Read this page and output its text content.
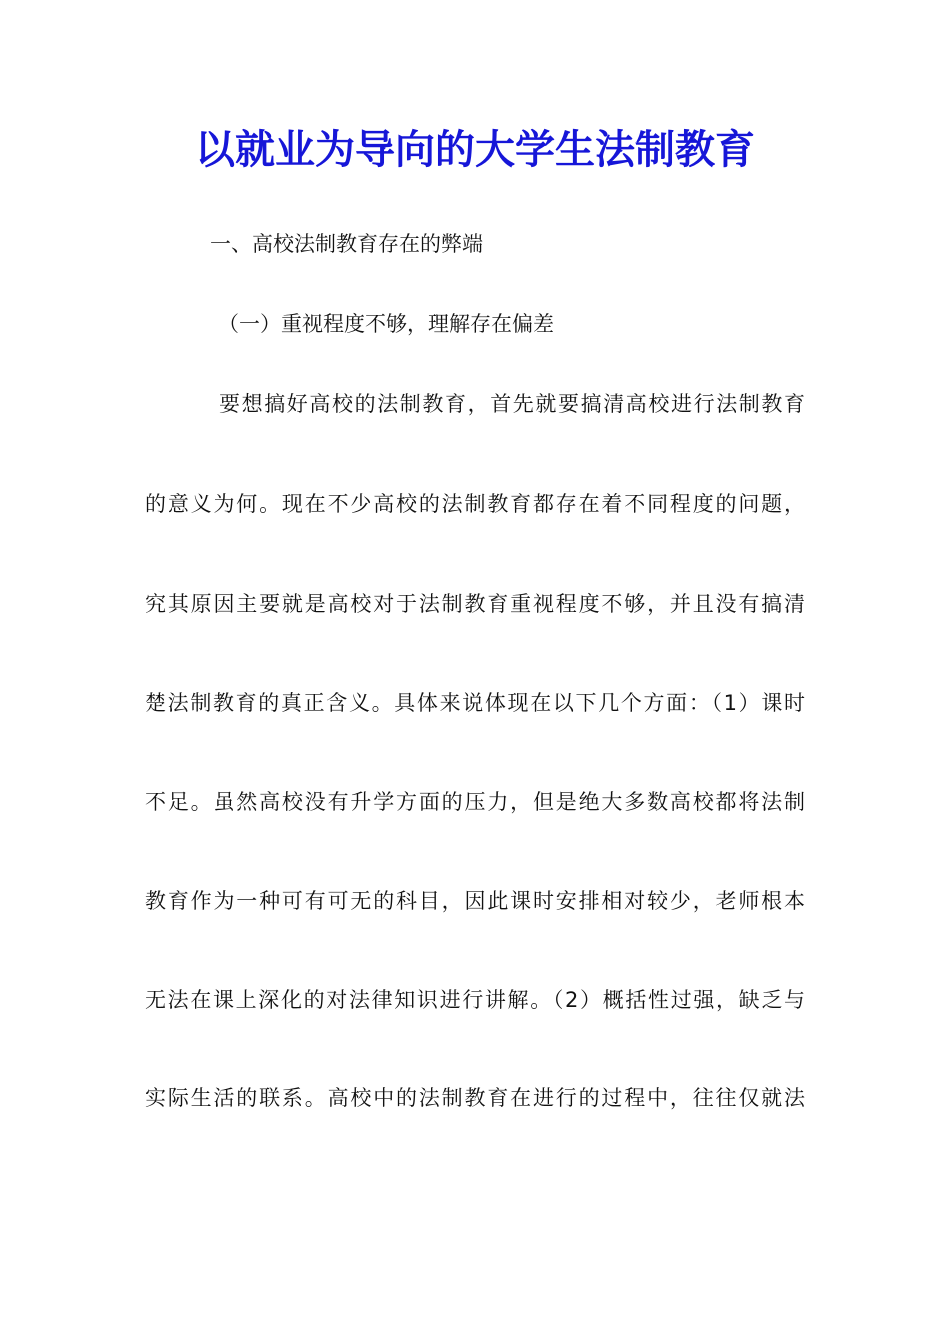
以就业为导向的大学生法制教育

一、高校法制教育存在的弊端

（一）重视程度不够，理解存在偏差

要想搞好高校的法制教育，首先就要搞清高校进行法制教育
的意义为何。现在不少高校的法制教育都存在着不同程度的问题，
究其原因主要就是高校对于法制教育重视程度不够，并且没有搞清
楚法制教育的真正含义。具体来说体现在以下几个方面：（1）课时
不足。虽然高校没有升学方面的压力，但是绝大多数高校都将法制
教育作为一种可有可无的科目，因此课时安排相对较少，老师根本
无法在课上深化的对法律知识进行讲解。（2）概括性过强，缺乏与
实际生活的联系。高校中的法制教育在进行的过程中，往往仅就法
